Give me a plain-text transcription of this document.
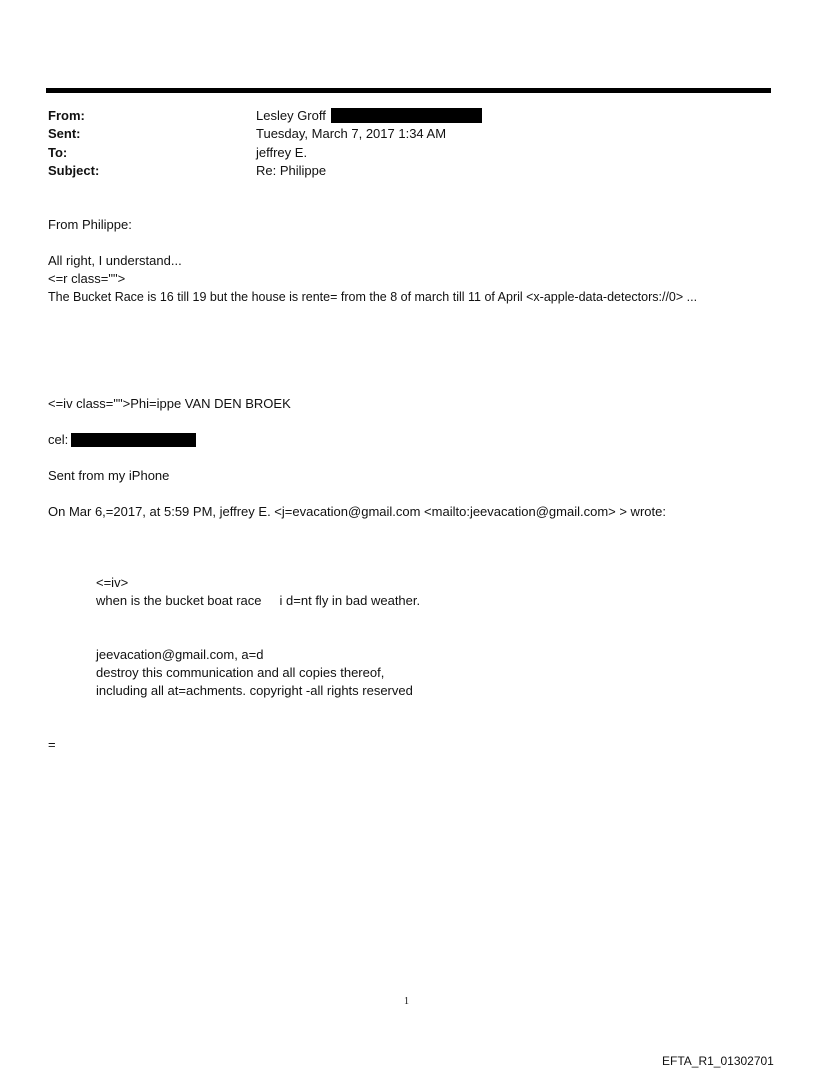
From:	Lesley Groff
Sent:	Tuesday, March 7, 2017 1:34 AM
To:	jeffrey E.
Subject:	Re: Philippe
From Philippe:
All right, I understand...
<=r class="">
The Bucket Race is 16 till 19 but the house is rente= from the 8 of march till 11 of April <x-apple-data-detectors://0> ...
<=iv class="">Phi=ippe VAN DEN BROEK
cel:
Sent from my iPhone
On Mar 6,=2017, at 5:59 PM, jeffrey E. <j=evacation@gmail.com <mailto:jeevacation@gmail.com> > wrote:
<=iv>
when is the bucket boat race     i d=nt fly in bad weather.
jeevacation@gmail.com, a=d
destroy this communication and all copies thereof,
including all at=achments. copyright -all rights reserved
=
1
EFTA_R1_01302701
